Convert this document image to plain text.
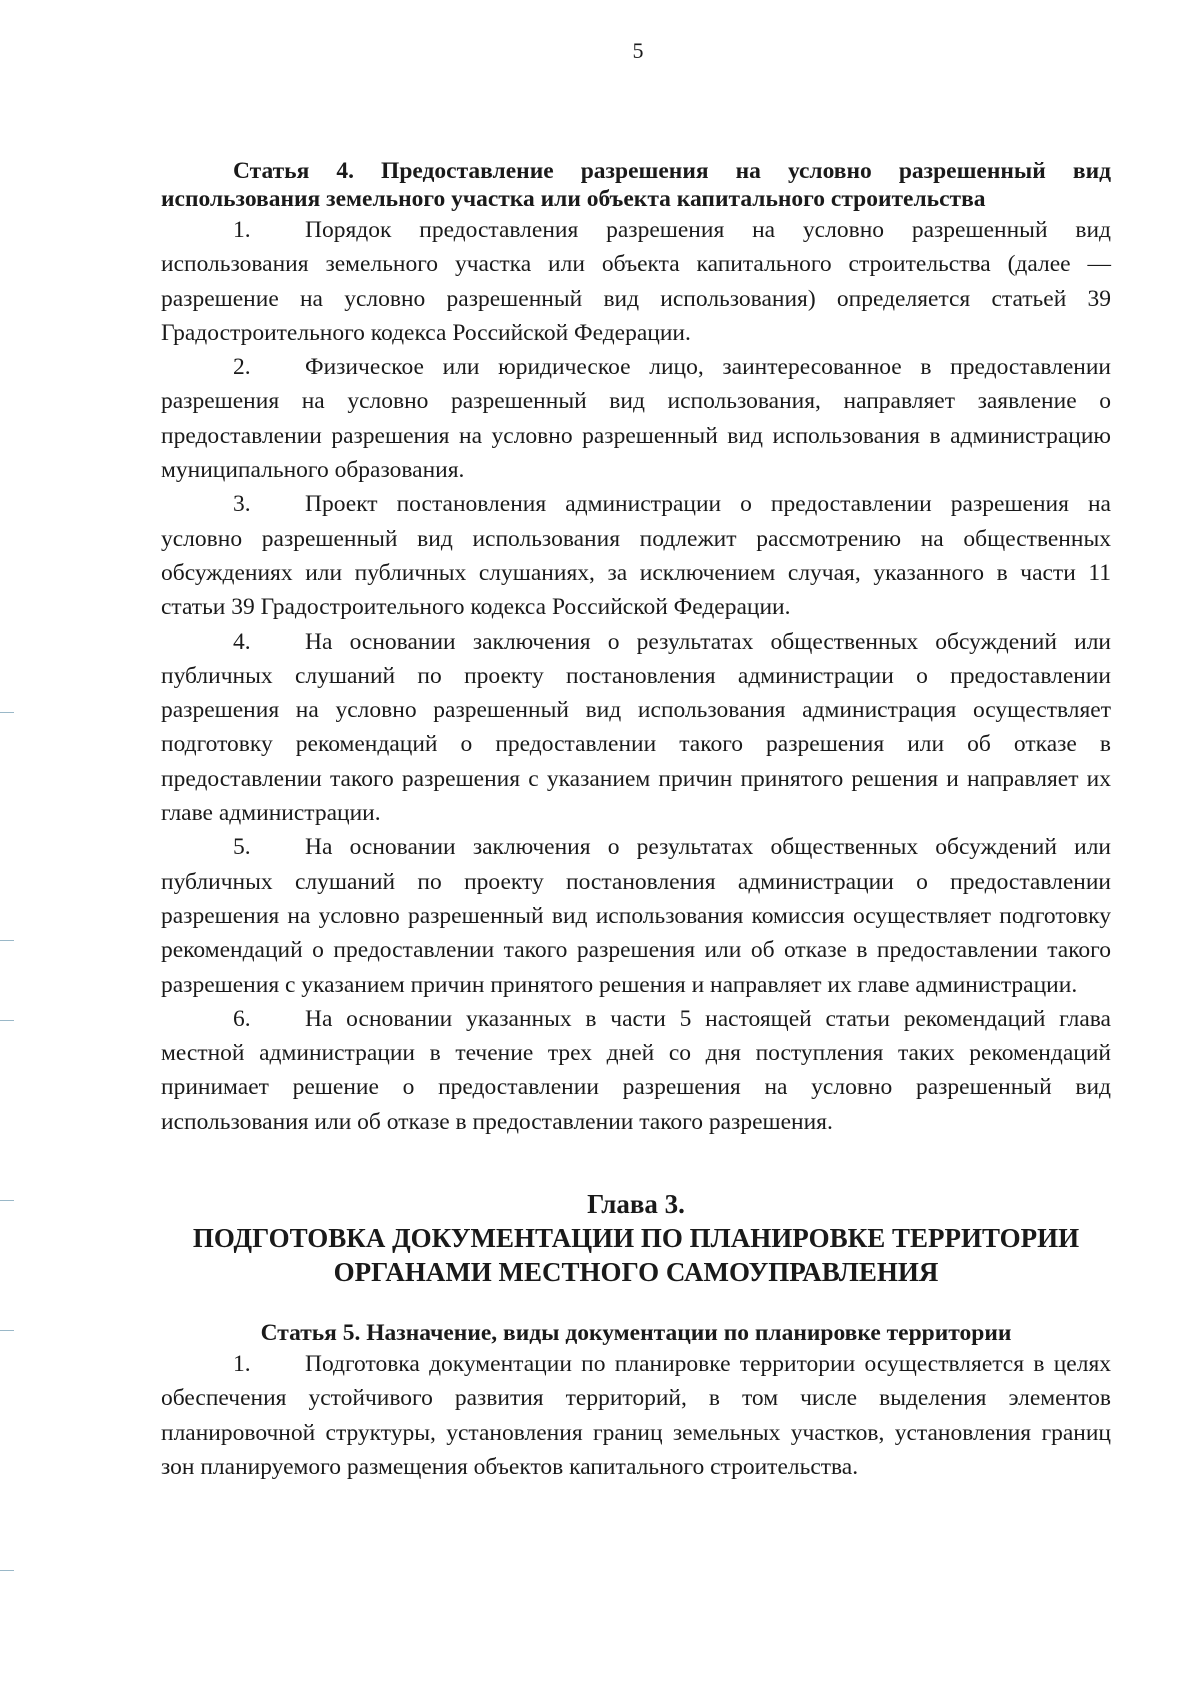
5

Статья 4. Предоставление разрешения на условно разрешенный вид использования земельного участка или объекта капитального строительства

1. Порядок предоставления разрешения на условно разрешенный вид использования земельного участка или объекта капитального строительства (далее — разрешение на условно разрешенный вид использования) определяется статьей 39 Градостроительного кодекса Российской Федерации.

2. Физическое или юридическое лицо, заинтересованное в предоставлении разрешения на условно разрешенный вид использования, направляет заявление о предоставлении разрешения на условно разрешенный вид использования в администрацию муниципального образования.

3. Проект постановления администрации о предоставлении разрешения на условно разрешенный вид использования подлежит рассмотрению на общественных обсуждениях или публичных слушаниях, за исключением случая, указанного в части 11 статьи 39 Градостроительного кодекса Российской Федерации.

4. На основании заключения о результатах общественных обсуждений или публичных слушаний по проекту постановления администрации о предоставлении разрешения на условно разрешенный вид использования администрация осуществляет подготовку рекомендаций о предоставлении такого разрешения или об отказе в предоставлении такого разрешения с указанием причин принятого решения и направляет их главе администрации.

5. На основании заключения о результатах общественных обсуждений или публичных слушаний по проекту постановления администрации о предоставлении разрешения на условно разрешенный вид использования комиссия осуществляет подготовку рекомендаций о предоставлении такого разрешения или об отказе в предоставлении такого разрешения с указанием причин принятого решения и направляет их главе администрации.

6. На основании указанных в части 5 настоящей статьи рекомендаций глава местной администрации в течение трех дней со дня поступления таких рекомендаций принимает решение о предоставлении разрешения на условно разрешенный вид использования или об отказе в предоставлении такого разрешения.

Глава 3.

ПОДГОТОВКА ДОКУМЕНТАЦИИ ПО ПЛАНИРОВКЕ ТЕРРИТОРИИ

ОРГАНАМИ МЕСТНОГО САМОУПРАВЛЕНИЯ

Статья 5. Назначение, виды документации по планировке территории

1. Подготовка документации по планировке территории осуществляется в целях обеспечения устойчивого развития территорий, в том числе выделения элементов планировочной структуры, установления границ земельных участков, установления границ зон планируемого размещения объектов капитального строительства.
